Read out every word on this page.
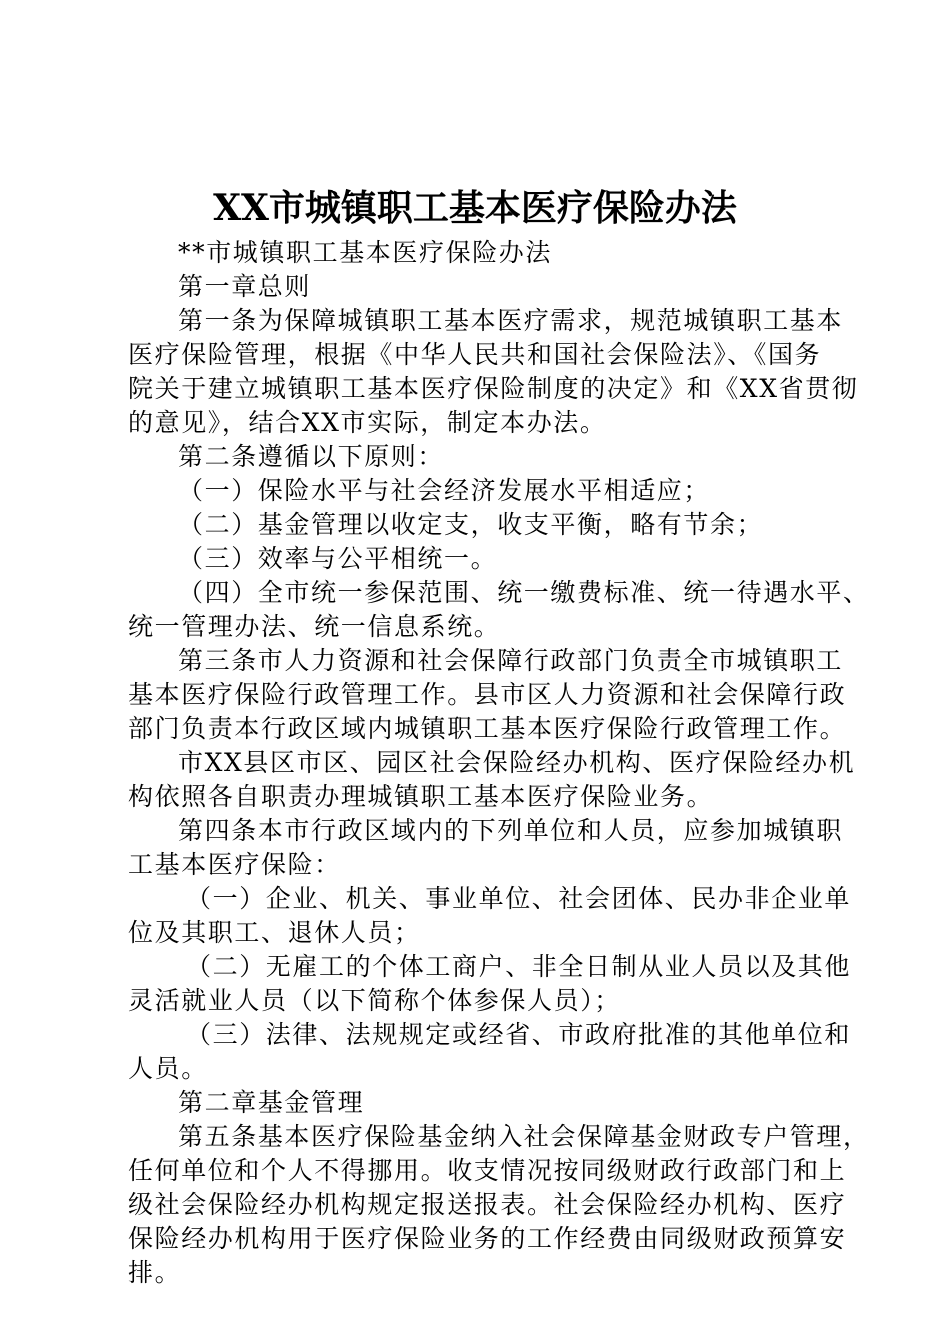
XX市城镇职工基本医疗保险办法
**市城镇职工基本医疗保险办法
第一章总则
第一条为保障城镇职工基本医疗需求，规范城镇职工基本
医疗保险管理，根据《中华人民共和国社会保险法》、《国务
院关于建立城镇职工基本医疗保险制度的决定》和《XX省贯彻
的意见》，结合XX市实际，制定本办法。
第二条遵循以下原则：
（一）保险水平与社会经济发展水平相适应；
（二）基金管理以收定支，收支平衡，略有节余；
（三）效率与公平相统一。
（四）全市统一参保范围、统一缴费标准、统一待遇水平、
统一管理办法、统一信息系统。
第三条市人力资源和社会保障行政部门负责全市城镇职工
基本医疗保险行政管理工作。县市区人力资源和社会保障行政
部门负责本行政区域内城镇职工基本医疗保险行政管理工作。
市XX县区市区、园区社会保险经办机构、医疗保险经办机
构依照各自职责办理城镇职工基本医疗保险业务。
第四条本市行政区域内的下列单位和人员，应参加城镇职
工基本医疗保险：
（一）企业、机关、事业单位、社会团体、民办非企业单
位及其职工、退休人员；
（二）无雇工的个体工商户、非全日制从业人员以及其他
灵活就业人员（以下简称个体参保人员）；
（三）法律、法规规定或经省、市政府批准的其他单位和
人员。
第二章基金管理
第五条基本医疗保险基金纳入社会保障基金财政专户管理，
任何单位和个人不得挪用。收支情况按同级财政行政部门和上
级社会保险经办机构规定报送报表。社会保险经办机构、医疗
保险经办机构用于医疗保险业务的工作经费由同级财政预算安
排。
